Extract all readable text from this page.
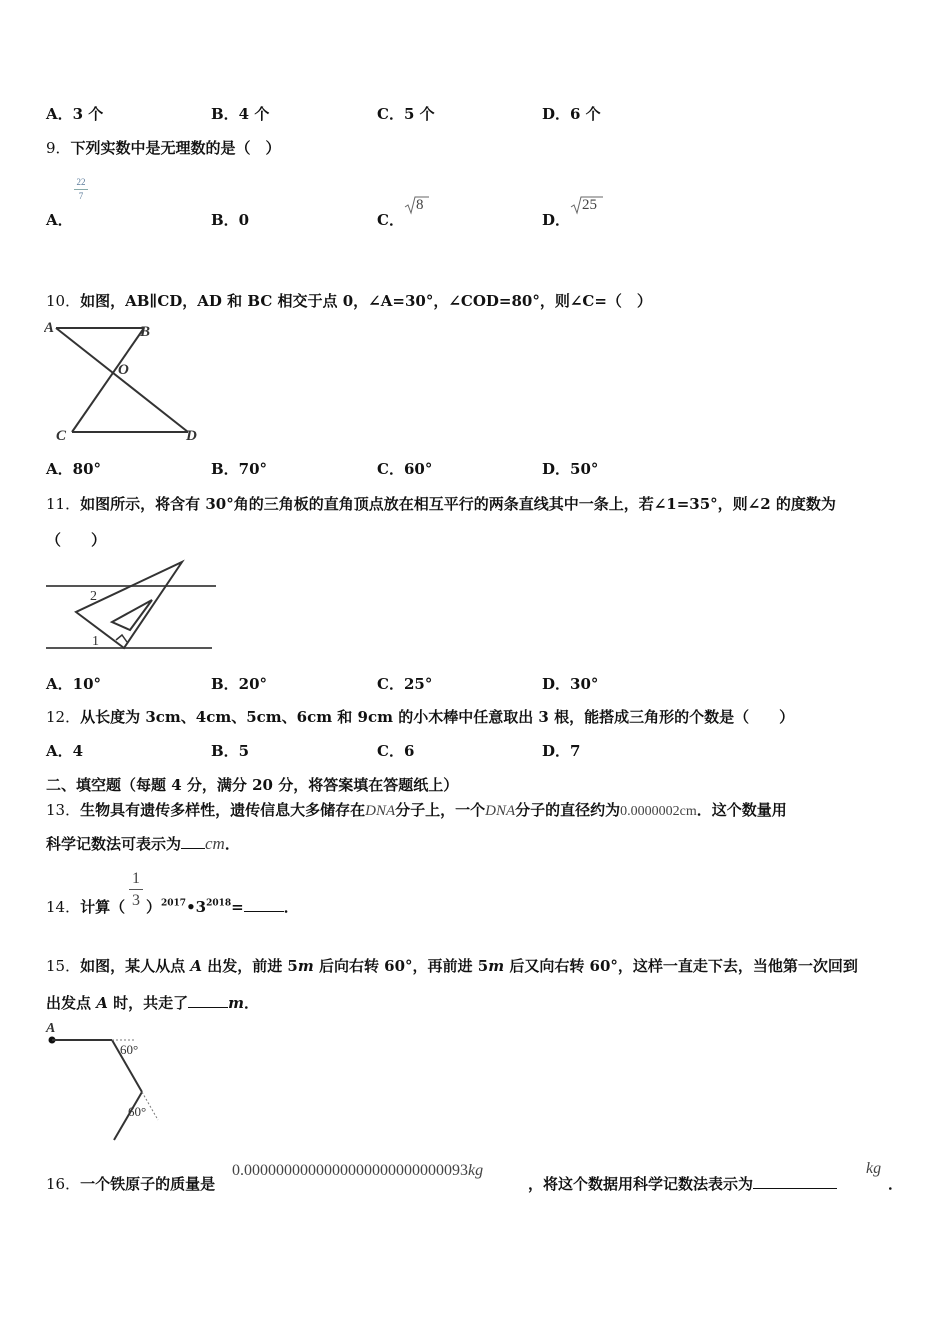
A．3 个	B．4 个	C．5 个	D．6 个
9．下列实数中是无理数的是（　）
A．
22
7
B．0	C．
8
D．
25
10．如图，AB∥CD，AD 和 BC 相交于点 0，∠A=30°，∠COD=80°，则∠C=（　）
A	B
O
C	D
A．80°	B．70°	C．60°	D．50°
11．如图所示，将含有 30°角的三角板的直角顶点放在相互平行的两条直线其中一条上，若∠1=35°，则∠2 的度数为
（　　）
2
1
A．10°	B．20°	C．25°	D．30°
12．从长度为 3cm、4cm、5cm、6cm 和 9cm 的小木棒中任意取出 3 根，能搭成三角形的个数是（　　）
A．4	B．5	C．6	D．7
二、填空题（每题 4 分，满分 20 分，将答案填在答题纸上）
13．生物具有遗传多样性，遗传信息大多储存在DNA分子上，一个DNA分子的直径约为0.0000002cm．这个数量用
科学记数法可表示为 cm．
14．计算（
1
3 ）$^{2017}•3^{2018}=$	．
15．如图，某人从点 A 出发，前进 5m 后向右转 60°，再前进 5m 后又向右转 60°，这样一直走下去，当他第一次回到
出发点 A 时，共走了	m．
A
60°
60°
16．一个铁原子的质量是
0.0000000000000000000000000093kg
，将这个数据用科学记数法表示为
kg
．
